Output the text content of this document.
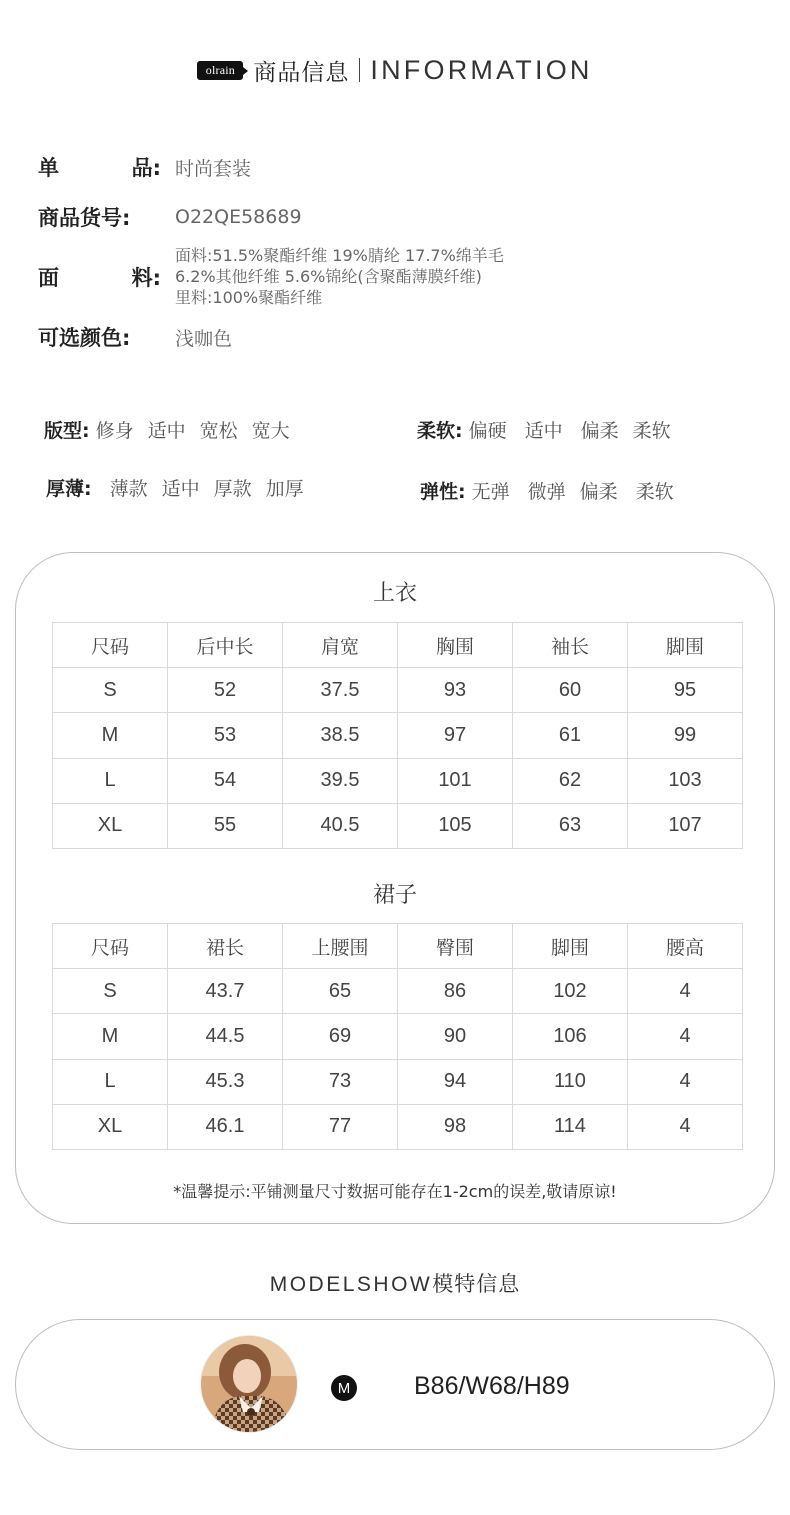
olrain 商品信息 INFORMATION
单	品: 时尚套装
商品货号: O22QE58689
面	料:
面料:51.5%聚酯纤维 19%腈纶 17.7%绵羊毛
6.2%其他纤维 5.6%锦纶(含聚酯薄膜纤维)
里料:100%聚酯纤维
可选颜色: 浅咖色
版型: 修身 适中 宽松 宽大	柔软: 偏硬 适中 偏柔 柔软
厚薄: 薄款 适中 厚款 加厚	弹性: 无弹 微弹 偏柔 柔软
上衣
尺码	后中长	肩宽	胸围	袖长	脚围
S	52	37.5	93	60	95
M	53	38.5	97	61	99
L	54	39.5	101	62	103
XL	55	40.5	105	63	107
裙子
尺码	裙长	上腰围	臀围	脚围	腰高
S	43.7	65	86	102	4
M	44.5	69	90	106	4
L	45.3	73	94	110	4
XL	46.1	77	98	114	4
*温馨提示:平铺测量尺寸数据可能存在1-2cm的误差,敬请原谅!
MODELSHOW模特信息
M	B86/W68/H89
